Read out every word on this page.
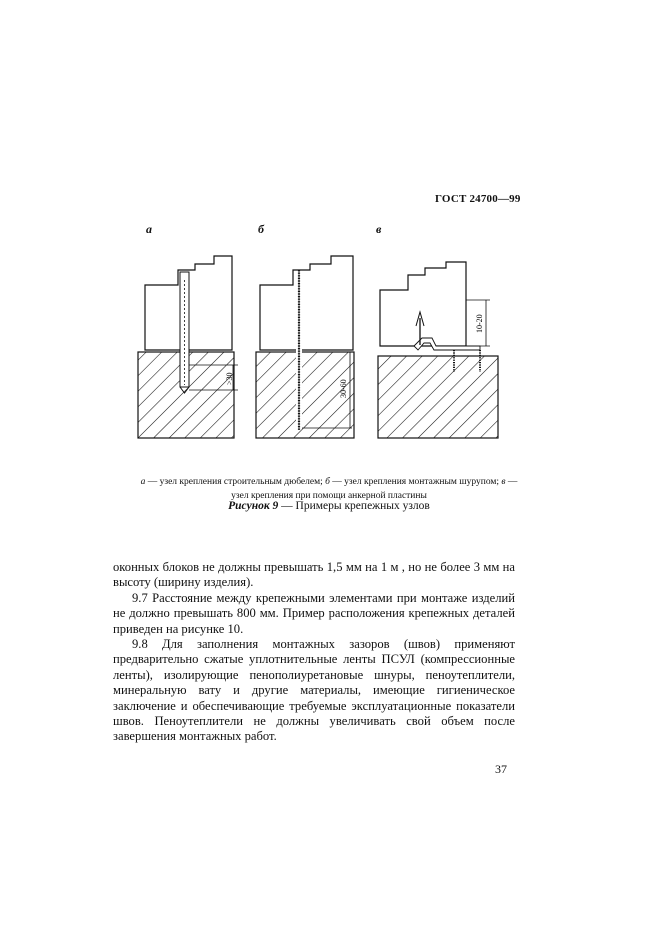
ГОСТ 24700—99
а	б	в
>30
30-60
10-20
а — узел крепления строительным дюбелем; б — узел крепления монтажным шурупом; в — узел крепления при помощи анкерной пластины
Рисунок 9 — Примеры крепежных узлов

оконных блоков не должны превышать 1,5 мм на 1 м , но не более 3 мм на высоту (ширину изделия).

9.7 Расстояние между крепежными элементами при монтаже изделий не должно превышать 800 мм. Пример расположения крепежных деталей приведен на рисунке 10.

9.8 Для заполнения монтажных зазоров (швов) применяют предварительно сжатые уплотнительные ленты ПСУЛ (компрессионные ленты), изолирующие пенополиуретановые шнуры, пеноутеплители, минеральную вату и другие материалы, имеющие гигиеническое заключение и обеспечивающие требуемые эксплуатационные показатели швов. Пеноутеплители не должны увеличивать свой объем после завершения монтажных работ.

37
